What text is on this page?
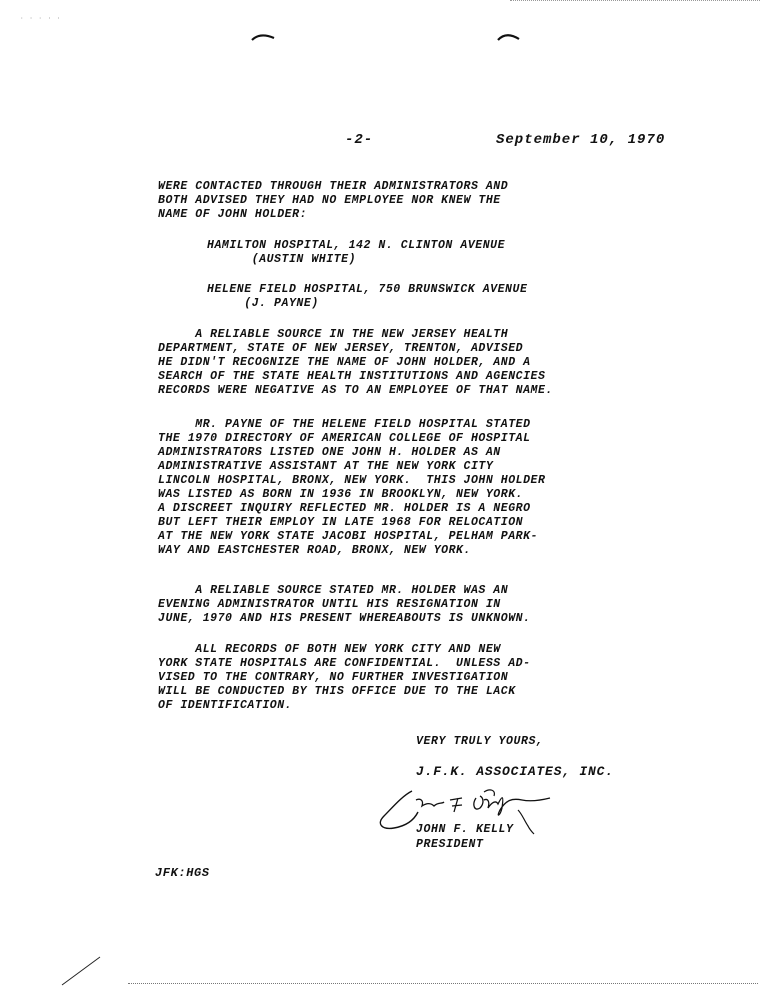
· · · · ·
-2-	September 10, 1970
WERE CONTACTED THROUGH THEIR ADMINISTRATORS AND
BOTH ADVISED THEY HAD NO EMPLOYEE NOR KNEW THE
NAME OF JOHN HOLDER:
HAMILTON HOSPITAL, 142 N. CLINTON AVENUE
(AUSTIN WHITE)
HELENE FIELD HOSPITAL, 750 BRUNSWICK AVENUE
(J. PAYNE)
A RELIABLE SOURCE IN THE NEW JERSEY HEALTH
DEPARTMENT, STATE OF NEW JERSEY, TRENTON, ADVISED
HE DIDN'T RECOGNIZE THE NAME OF JOHN HOLDER, AND A
SEARCH OF THE STATE HEALTH INSTITUTIONS AND AGENCIES
RECORDS WERE NEGATIVE AS TO AN EMPLOYEE OF THAT NAME.
MR. PAYNE OF THE HELENE FIELD HOSPITAL STATED
THE 1970 DIRECTORY OF AMERICAN COLLEGE OF HOSPITAL
ADMINISTRATORS LISTED ONE JOHN H. HOLDER AS AN
ADMINISTRATIVE ASSISTANT AT THE NEW YORK CITY
LINCOLN HOSPITAL, BRONX, NEW YORK.  THIS JOHN HOLDER
WAS LISTED AS BORN IN 1936 IN BROOKLYN, NEW YORK.
A DISCREET INQUIRY REFLECTED MR. HOLDER IS A NEGRO
BUT LEFT THEIR EMPLOY IN LATE 1968 FOR RELOCATION
AT THE NEW YORK STATE JACOBI HOSPITAL, PELHAM PARK-
WAY AND EASTCHESTER ROAD, BRONX, NEW YORK.
A RELIABLE SOURCE STATED MR. HOLDER WAS AN
EVENING ADMINISTRATOR UNTIL HIS RESIGNATION IN
JUNE, 1970 AND HIS PRESENT WHEREABOUTS IS UNKNOWN.
ALL RECORDS OF BOTH NEW YORK CITY AND NEW
YORK STATE HOSPITALS ARE CONFIDENTIAL.  UNLESS AD-
VISED TO THE CONTRARY, NO FURTHER INVESTIGATION
WILL BE CONDUCTED BY THIS OFFICE DUE TO THE LACK
OF IDENTIFICATION.
VERY TRULY YOURS,
J.F.K. ASSOCIATES, INC.
JOHN F. KELLY
PRESIDENT
JFK:HGS
